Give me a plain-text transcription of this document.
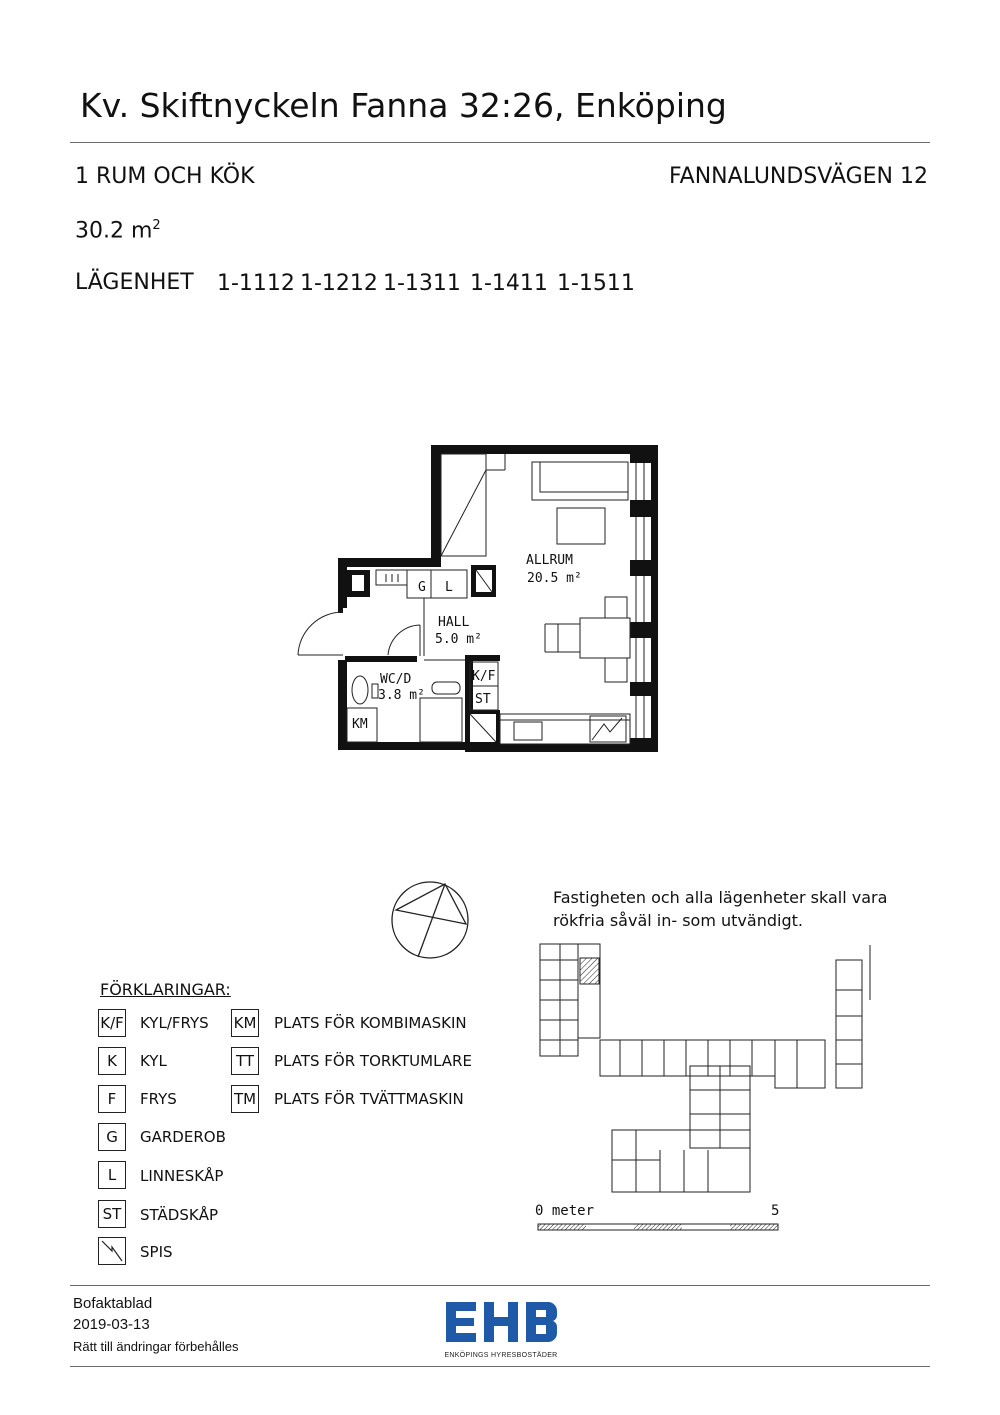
Kv. Skiftnyckeln Fanna 32:26, Enköping
1 RUM OCH KÖK	FANNALUNDSVÄGEN 12
30.2 $m^2$
LÄGENHET 1-1112 1-1212 1-1311 1-1411 1-1511
G L
K/F
ST
KM
ALLRUM
20.5 m²
HALL
5.0 m²
WC/D
3.8 m²
FÖRKLARINGAR:
K/F KYL/FRYS
K	KYL
F	FRYS
G	GARDEROB
L	LINNESKÅP
ST	STÄDSKÅP
SPIS
KM PLATS FÖR KOMBIMASKIN
TT	PLATS FÖR TORKTUMLARE
TM PLATS FÖR TVÄTTMASKIN
Fastigheten och alla lägenheter skall vara
rökfria såväl in- som utvändigt.
0 meter	5
Bofaktablad
2019-03-13
Rätt till ändringar förbehålles
ENKÖPINGS HYRESBOSTÄDER
